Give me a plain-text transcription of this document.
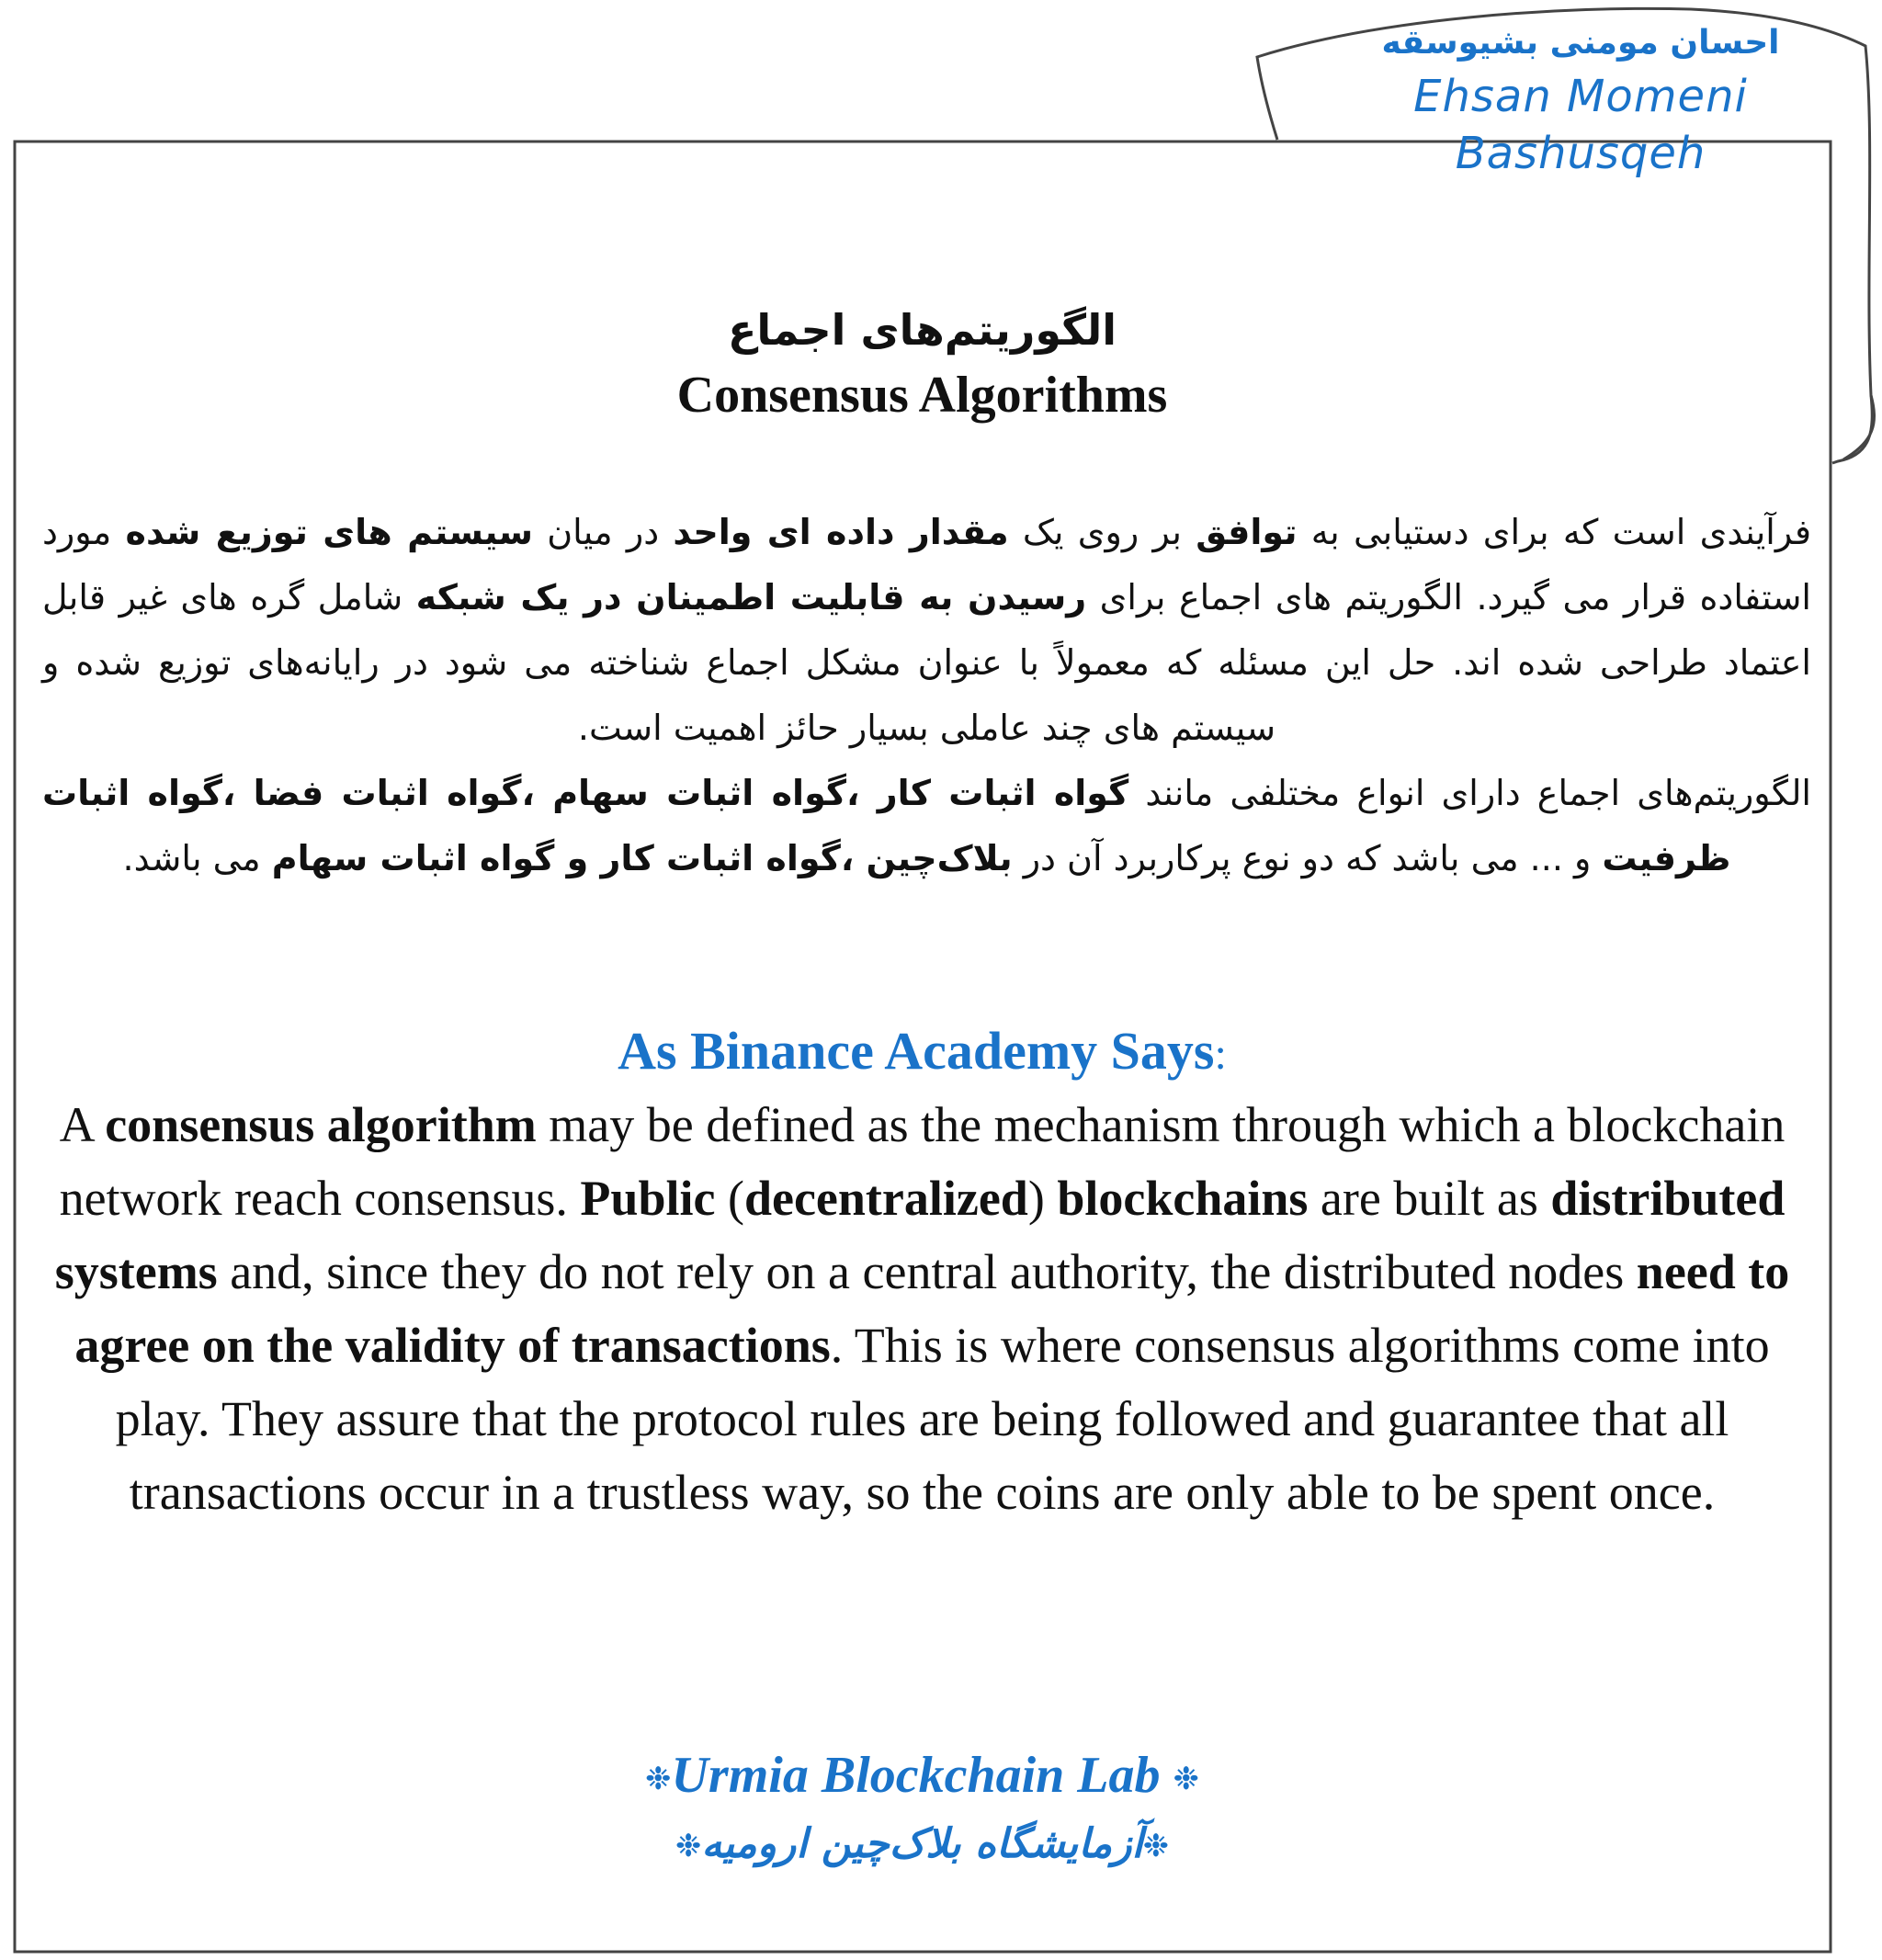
احسان مومنی بشیوسقه
Ehsan Momeni Bashusqeh
الگوریتم‌های اجماع
Consensus Algorithms

فرآیندی است که برای دستیابی به توافق بر روی یک مقدار داده ای واحد در میان سیستم های توزیع شده مورد استفاده قرار می گیرد. الگوریتم های اجماع برای رسیدن به قابلیت اطمینان در یک شبکه شامل گره های غیر قابل اعتماد طراحی شده اند. حل این مسئله که معمولاً با عنوان مشکل اجماع شناخته می شود در رایانه‌های توزیع شده و سیستم های چند عاملی بسیار حائز اهمیت است.

الگوریتم‌های اجماع دارای انواع مختلفی مانند گواه اثبات کار ،گواه اثبات سهام ،گواه اثبات فضا ،گواه اثبات ظرفیت و ... می باشد که دو نوع پرکاربرد آن در بلاک‌چین ،گواه اثبات کار و گواه اثبات سهام می باشد.

As Binance Academy Says:
A consensus algorithm may be defined as the mechanism through which a blockchain network reach consensus. Public (decentralized) blockchains are built as distributed systems and, since they do not rely on a central authority, the distributed nodes need to agree on the validity of transactions. This is where consensus algorithms come into play. They assure that the protocol rules are being followed and guarantee that all transactions occur in a trustless way, so the coins are only able to be spent once.
❉Urmia Blockchain Lab ❉
❉آزمایشگاه بلاک‌چین ارومیه❉
